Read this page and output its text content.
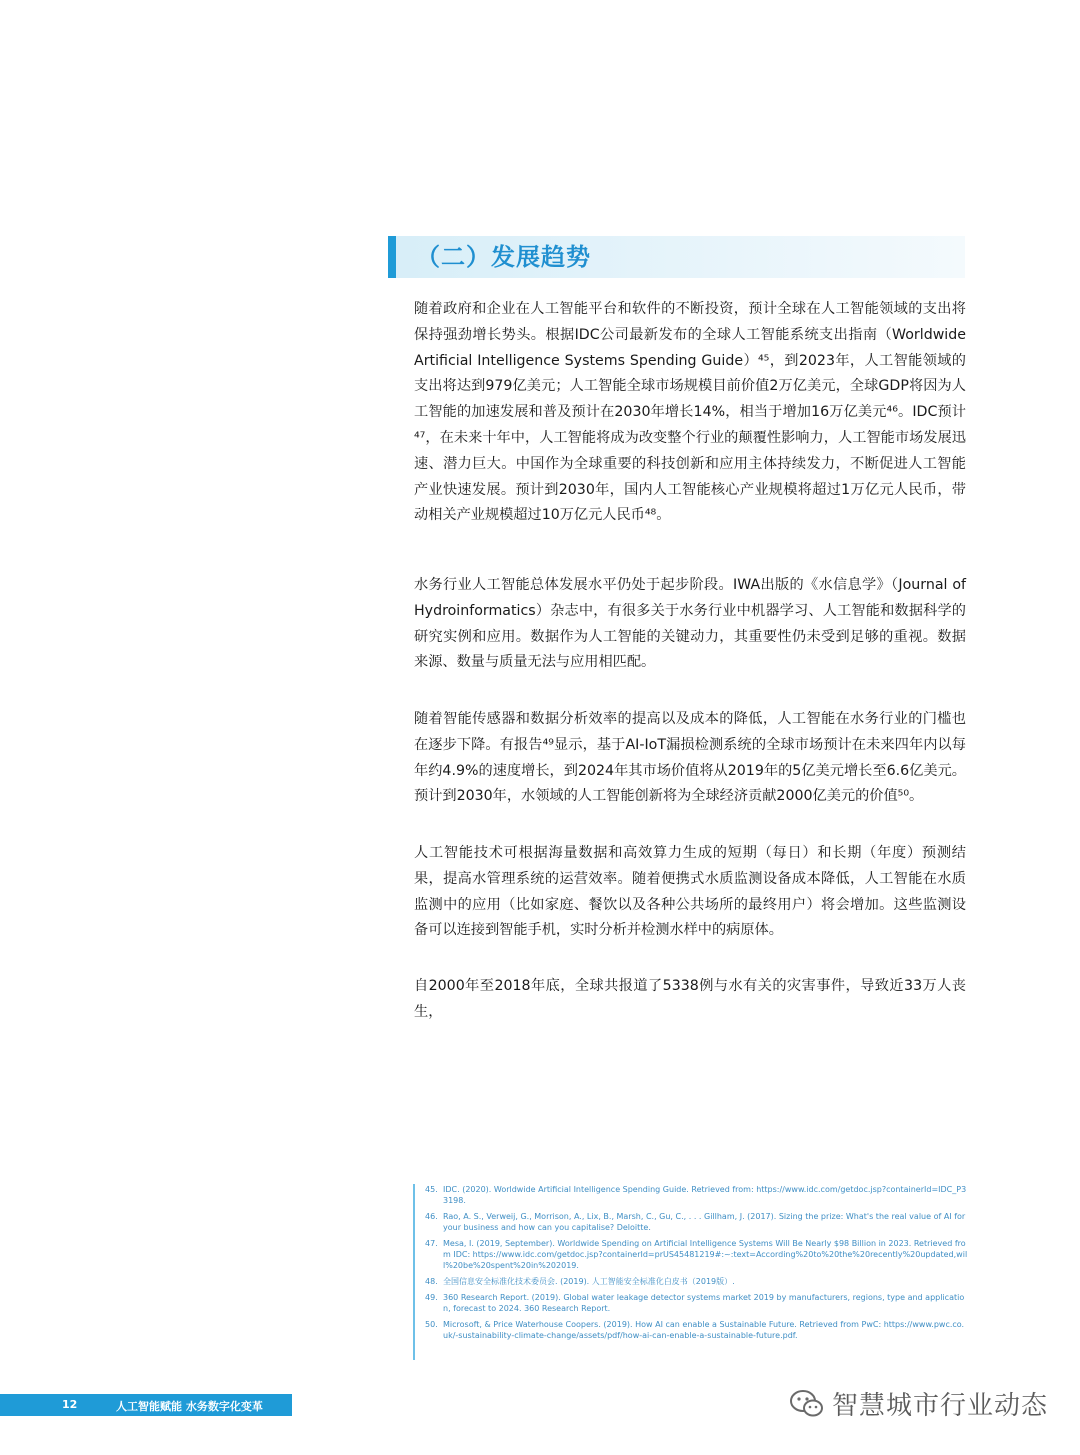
（二）发展趋势

随着政府和企业在人工智能平台和软件的不断投资，预计全球在人工智能领域的支出将保持强劲增长势头。根据IDC公司最新发布的全球人工智能系统支出指南（Worldwide Artificial Intelligence Systems Spending Guide）⁴⁵，到2023年，人工智能领域的支出将达到979亿美元；人工智能全球市场规模目前价值2万亿美元，全球GDP将因为人工智能的加速发展和普及预计在2030年增长14%，相当于增加16万亿美元⁴⁶。IDC预计⁴⁷，在未来十年中，人工智能将成为改变整个行业的颠覆性影响力，人工智能市场发展迅速、潜力巨大。中国作为全球重要的科技创新和应用主体持续发力，不断促进人工智能产业快速发展。预计到2030年，国内人工智能核心产业规模将超过1万亿元人民币，带动相关产业规模超过10万亿元人民币⁴⁸。

水务行业人工智能总体发展水平仍处于起步阶段。IWA出版的《水信息学》（Journal of Hydroinformatics）杂志中，有很多关于水务行业中机器学习、人工智能和数据科学的研究实例和应用。数据作为人工智能的关键动力，其重要性仍未受到足够的重视。数据来源、数量与质量无法与应用相匹配。

随着智能传感器和数据分析效率的提高以及成本的降低，人工智能在水务行业的门槛也在逐步下降。有报告⁴⁹显示，基于AI-IoT漏损检测系统的全球市场预计在未来四年内以每年约4.9%的速度增长，到2024年其市场价值将从2019年的5亿美元增长至6.6亿美元。预计到2030年，水领域的人工智能创新将为全球经济贡献2000亿美元的价值⁵⁰。

人工智能技术可根据海量数据和高效算力生成的短期（每日）和长期（年度）预测结果，提高水管理系统的运营效率。随着便携式水质监测设备成本降低，人工智能在水质监测中的应用（比如家庭、餐饮以及各种公共场所的最终用户）将会增加。这些监测设备可以连接到智能手机，实时分析并检测水样中的病原体。

自2000年至2018年底，全球共报道了5338例与水有关的灾害事件，导致近33万人丧生，

45. IDC. (2020). Worldwide Artificial Intelligence Spending Guide. Retrieved from: https://www.idc.com/getdoc.jsp?containerId=IDC_P33198.
46. Rao, A. S., Verweij, G., Morrison, A., Lix, B., Marsh, C., Gu, C., . . . Gillham, J. (2017). Sizing the prize: What's the real value of AI for your business and how can you capitalise? Deloitte.
47. Mesa, I. (2019, September). Worldwide Spending on Artificial Intelligence Systems Will Be Nearly $98 Billion in 2023. Retrieved from IDC: https://www.idc.com/getdoc.jsp?containerId=prUS45481219#:~:text=According%20to%20the%20recently%20updated,will%20be%20spent%20in%202019.
48. 全国信息安全标准化技术委员会. (2019). 人工智能安全标准化白皮书（2019版）.
49. 360 Research Report. (2019). Global water leakage detector systems market 2019 by manufacturers, regions, type and application, forecast to 2024. 360 Research Report.
50. Microsoft, & Price Waterhouse Coopers. (2019). How AI can enable a Sustainable Future. Retrieved from PwC: https://www.pwc.co.uk/-sustainability-climate-change/assets/pdf/how-ai-can-enable-a-sustainable-future.pdf.
12	人工智能赋能 水务数字化变革	智慧城市行业动态
